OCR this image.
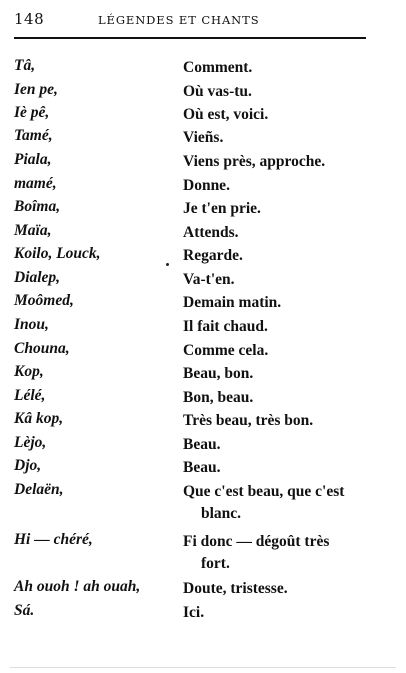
148	LÉGENDES ET CHANTS
Tâ,	Comment.
Ien pe,	Où vas-tu.
Iè pê,	Où est, voici.
Tamé,	Vieñs.
Piala,	Viens près, approche.
mamé,	Donne.
Boîma,	Je t'en prie.
Maïa,	Attends.
Koilo, Louck,	Regarde.
Dialep,	Va-t'en.
Moômed,	Demain matin.
Inou,	Il fait chaud.
Chouna,	Comme cela.
Kop,	Beau, bon.
Lélé,	Bon, beau.
Kâ kop,	Très beau, très bon.
Lèjo,	Beau.
Djo,	Beau.
Delaën,	Que c'est beau, que c'est
blanc.
Hi — chéré,	Fi donc — dégoût très
fort.
Ah ouoh ! ah ouah,	Doute, tristesse.
Sá.	Ici.
